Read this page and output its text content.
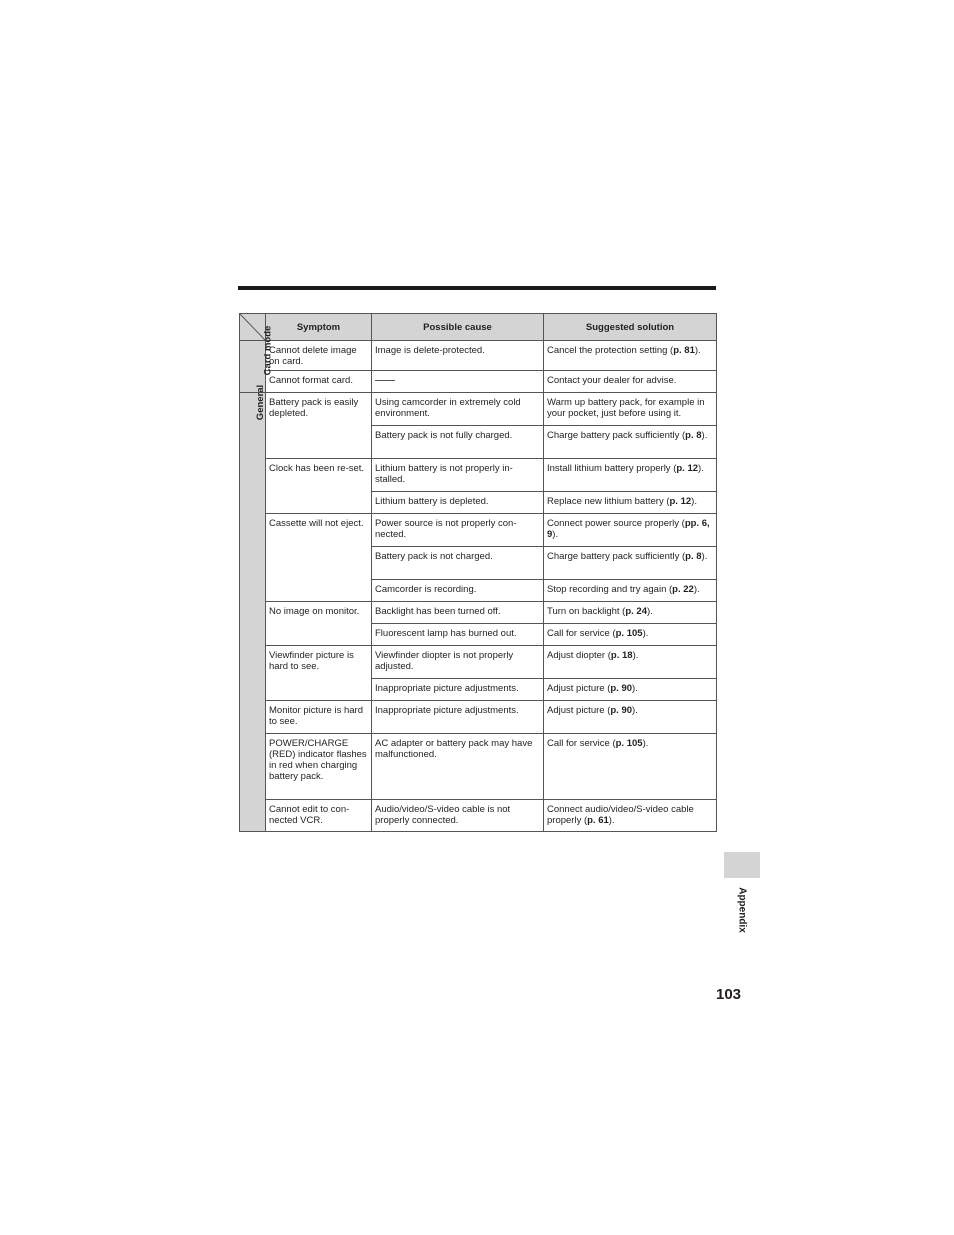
	Symptom	Possible cause	Suggested solution
Card mode	Cannot delete image on card.	Image is delete-protected.	Cancel the protection setting (p. 81).
	Cannot format card.		Contact your dealer for advise.
General	Battery pack is easily depleted.	Using camcorder in extremely cold environment.	Warm up battery pack, for example in your pocket, just before using it.
		Battery pack is not fully charged.	Charge battery pack sufficiently (p. 8).
	Clock has been re-set.	Lithium battery is not properly in-stalled.	Install lithium battery properly (p. 12).
		Lithium battery is depleted.	Replace new lithium battery (p. 12).
	Cassette will not eject.	Power source is not properly con-nected.	Connect power source properly (pp. 6, 9).
		Battery pack is not charged.	Charge battery pack sufficiently (p. 8).
		Camcorder is recording.	Stop recording and try again (p. 22).
	No image on monitor.	Backlight has been turned off.	Turn on backlight (p. 24).
		Fluorescent lamp has burned out.	Call for service (p. 105).
	Viewfinder picture is hard to see.	Viewfinder diopter is not properly adjusted.	Adjust diopter (p. 18).
		Inappropriate picture adjustments.	Adjust picture (p. 90).
	Monitor picture is hard to see.	Inappropriate picture adjustments.	Adjust picture (p. 90).
	POWER/CHARGE (RED) indicator flashes in red when charging battery pack.	AC adapter or battery pack may have malfunctioned.	Call for service (p. 105).
	Cannot edit to con-nected VCR.	Audio/video/S-video cable is not properly connected.	Connect audio/video/S-video cable properly (p. 61).
Appendix
103
